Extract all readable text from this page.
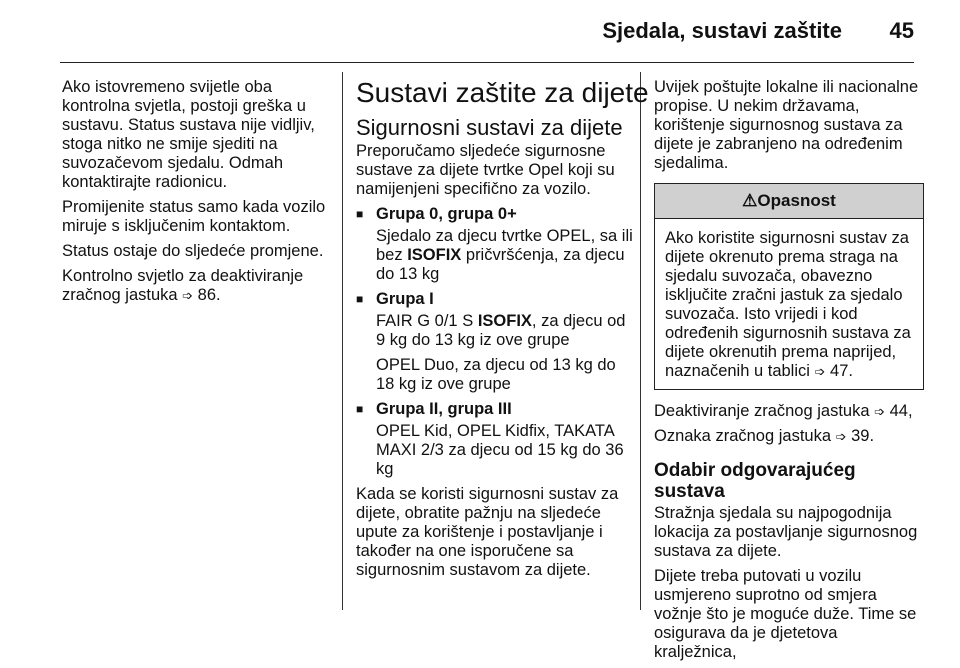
Sjedala, sustavi zaštite 45

Ako istovremeno svijetle oba kontrolna svjetla, postoji greška u sustavu. Status sustava nije vidljiv, stoga nitko ne smije sjediti na suvozačevom sjedalu. Odmah kontaktirajte radionicu.

Promijenite status samo kada vozilo miruje s isključenim kontaktom.

Status ostaje do sljedeće promjene.

Kontrolno svjetlo za deaktiviranje zračnog jastuka ➩ 86.

Sustavi zaštite za dijete
Sigurnosni sustavi za dijete

Preporučamo sljedeće sigurnosne sustave za dijete tvrtke Opel koji su namijenjeni specifično za vozilo.

■ Grupa 0, grupa 0+

Sjedalo za djecu tvrtke OPEL, sa ili bez ISOFIX pričvršćenja, za djecu do 13 kg

■ Grupa I

FAIR G 0/1 S ISOFIX, za djecu od 9 kg do 13 kg iz ove grupe

OPEL Duo, za djecu od 13 kg do 18 kg iz ove grupe

■ Grupa II, grupa III

OPEL Kid, OPEL Kidfix, TAKATA MAXI 2/3 za djecu od 15 kg do 36 kg

Kada se koristi sigurnosni sustav za dijete, obratite pažnju na sljedeće upute za korištenje i postavljanje i također na one isporučene sa sigurnosnim sustavom za dijete.

Uvijek poštujte lokalne ili nacionalne propise. U nekim državama, korištenje sigurnosnog sustava za dijete je zabranjeno na određenim sjedalima.

⚠Opasnost
Ako koristite sigurnosni sustav za dijete okrenuto prema straga na sjedalu suvozača, obavezno isključite zračni jastuk za sjedalo suvozača. Isto vrijedi i kod određenih sigurnosnih sustava za dijete okrenutih prema naprijed, naznačenih u tablici ➩ 47.

Deaktiviranje zračnog jastuka ➩ 44,

Oznaka zračnog jastuka ➩ 39.

Odabir odgovarajućeg sustava

Stražnja sjedala su najpogodnija lokacija za postavljanje sigurnosnog sustava za dijete.

Dijete treba putovati u vozilu usmjereno suprotno od smjera vožnje što je moguće duže. Time se osigurava da je djetetova kralježnica,
